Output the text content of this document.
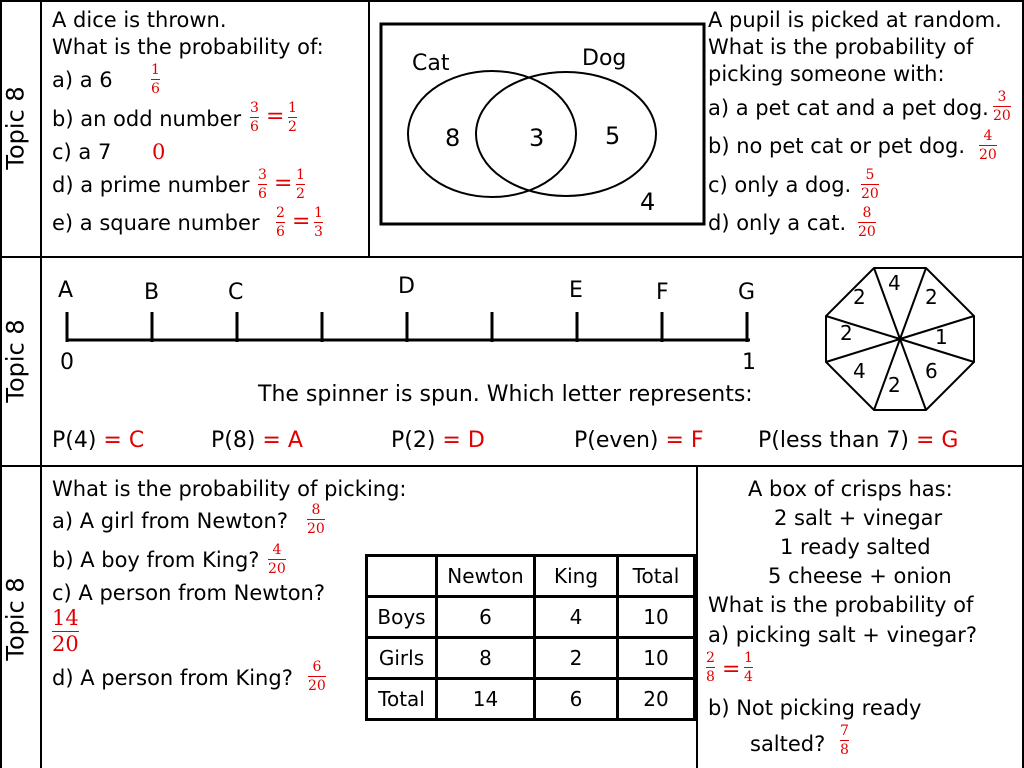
Topic 8
Topic 8
Topic 8
A dice is thrown.
What is the probability of:
a) a 6	1
6
b) an odd number 3
6 = 1
2
c) a 7 0
d) a prime number 3
6 = 1
2
e) a square number 2
6 = 1
3
Cat	Dog
8	3	5
4
A pupil is picked at random.
What is the probability of
picking someone with:
a) a pet cat and a pet dog. 3
20
b) no pet cat or pet dog. 4
20
c) only a dog. 5
20
d) only a cat. 8
20
A	B	C	D	E	F	G
0	1
The spinner is spun. Which letter represents:
4
2
1
6
2
4
2
2
P(4) = C	P(8) = A	P(2) = D	P(even) = F P(less than 7) = G
What is the probability of picking:
a) A girl from Newton? 8
20
b) A boy from King? 4
20
c) A person from Newton?
14
20
d) A person from King? 6
20
	Newton	King	Total
Boys	6	4	10
Girls	8	2	10
Total	14	6	20
A box of crisps has:
2 salt + vinegar
1 ready salted
5 cheese + onion
What is the probability of
a) picking salt + vinegar?
2
8 = 1
4
b) Not picking ready
salted?
7
8
